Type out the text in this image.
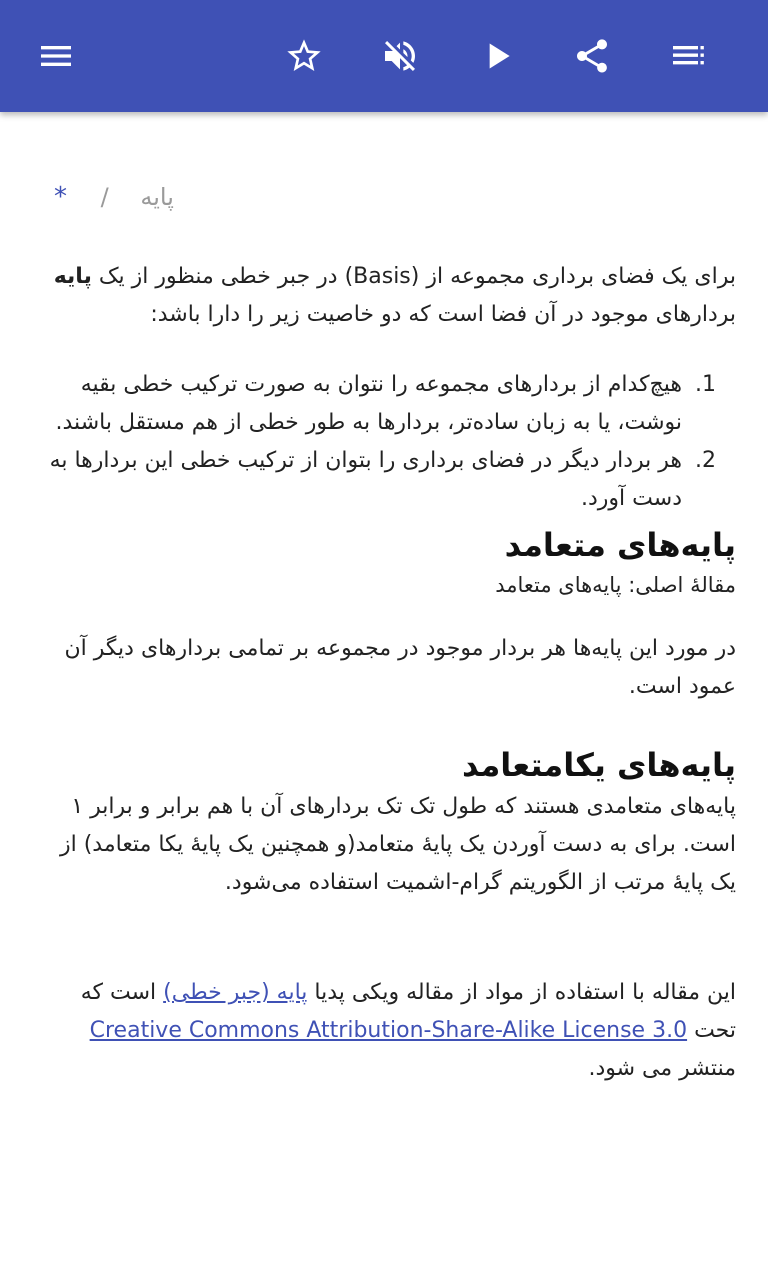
* / پایه

برای یک فضای برداری مجموعه از (Basis) در جبر خطی منظور از یک پایه بردارهای موجود در آن فضا است که دو خاصیت زیر را دارا باشد:

1. هیچ‌کدام از بردارهای مجموعه را نتوان به صورت ترکیب خطی بقیه نوشت، یا به زبان ساده‌تر، بردارها به طور خطی از هم مستقل باشند.
2. هر بردار دیگر در فضای برداری را بتوان از ترکیب خطی این بردارها به دست آورد.
پایه‌های متعامد
مقالهٔ اصلی: پایه‌های متعامد

در مورد این پایه‌ها هر بردار موجود در مجموعه بر تمامی بردارهای دیگر آن عمود است.

پایه‌های یکامتعامد

پایه‌های متعامدی هستند که طول تک تک بردارهای آن با هم برابر و برابر ۱ است. برای به دست آوردن یک پایهٔ متعامد(و همچنین یک پایهٔ یکا متعامد) از یک پایهٔ مرتب از الگوریتم گرام-اشمیت استفاده می‌شود.

این مقاله با استفاده از مواد از مقاله ویکی پدیا پایه (جبر خطی) است که تحت Creative Commons Attribution-Share-Alike License 3.0 منتشر می شود.
